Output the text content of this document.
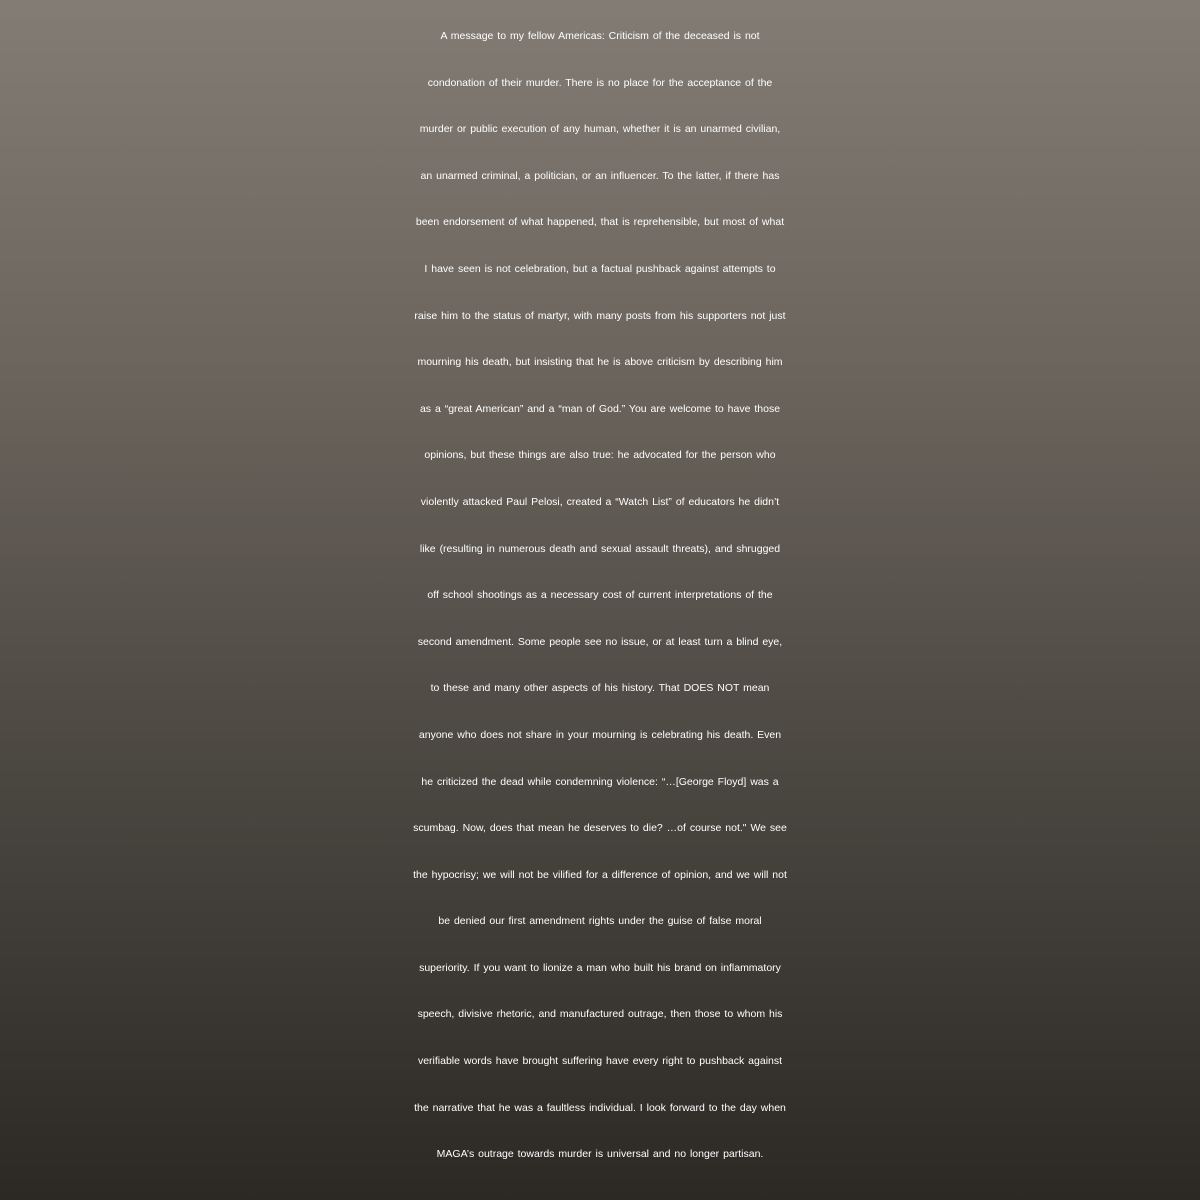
A message to my fellow Americas: Criticism of the deceased is not
condonation of their murder. There is no place for the acceptance of the
murder or public execution of any human, whether it is an unarmed civilian,
an unarmed criminal, a politician, or an influencer. To the latter, if there has
been endorsement of what happened, that is reprehensible, but most of what
I have seen is not celebration, but a factual pushback against attempts to
raise him to the status of martyr, with many posts from his supporters not just
mourning his death, but insisting that he is above criticism by describing him
as a “great American” and a “man of God.” You are welcome to have those
opinions, but these things are also true: he advocated for the person who
violently attacked Paul Pelosi, created a “Watch List” of educators he didn’t
like (resulting in numerous death and sexual assault threats), and shrugged
off school shootings as a necessary cost of current interpretations of the
second amendment. Some people see no issue, or at least turn a blind eye,
to these and many other aspects of his history. That DOES NOT mean
anyone who does not share in your mourning is celebrating his death. Even
he criticized the dead while condemning violence: “…[George Floyd] was a
scumbag. Now, does that mean he deserves to die? …of course not." We see
the hypocrisy; we will not be vilified for a difference of opinion, and we will not
be denied our first amendment rights under the guise of false moral
superiority. If you want to lionize a man who built his brand on inflammatory
speech, divisive rhetoric, and manufactured outrage, then those to whom his
verifiable words have brought suffering have every right to pushback against
the narrative that he was a faultless individual. I look forward to the day when
MAGA’s outrage towards murder is universal and no longer partisan.
